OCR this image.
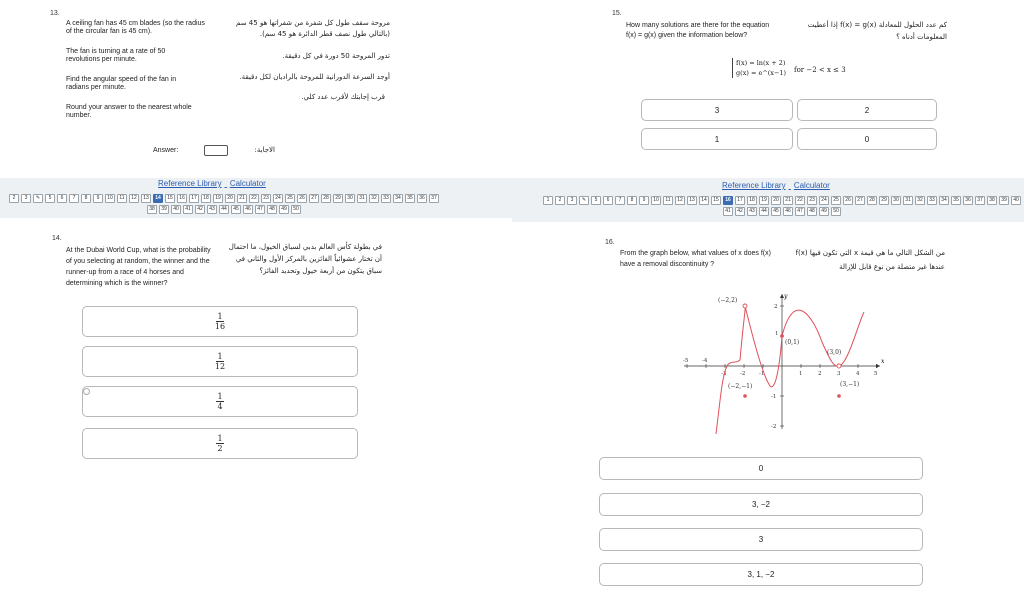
13.
A ceiling fan has 45 cm blades (so the radius of the circular fan is 45 cm).
The fan is turning at a rate of 50 revolutions per minute.
Find the angular speed of the fan in radians per minute.
Round your answer to the nearest whole number.
مروحة سقف طول كل شفرة من شفراتها هو 45 سم
(بالتالي طول نصف قطر الدائرة هو 45 سم).
تدور المروحة 50 دورة في كل دقيقة.
أوجد السرعة الدورانية للمروحة بالراديان لكل دقيقة.
قرب إجابتك لأقرب عدد كلي.
Answer:	الاجابة:
Reference Library Calculator
2	3	✎	5	6	7	8	9	10	11	12	13	14	15	16	17	18	19	20	21	22	23	24	25	26	27	28	29	30	31	32	33	34	35	36	37
38	39	40	41	42	43	44	45	46	47	48	49	50
14.
At the Dubai World Cup, what is the probability of you selecting at random, the winner and the runner-up from a race of 4 horses and determining which is the winner?
في بطولة كأس العالم بدبي لسباق الخيول، ما احتمال
أن تختار عشوائياً الفائزين بالمركز الأول والثاني في
سباق يتكون من أربعة خيول وتحديد الفائز؟
$\frac{1}{16}$
$\frac{1}{12}$
$\frac{1}{4}$
$\frac{1}{2}$
15.
How many solutions are there for the equation f(x) = g(x) given the information below?
كم عدد الحلول للمعادلة f(x) = g(x) إذا أعطيت
المعلومات أدناه ؟
f(x) = ln(x + 2)
g(x) = e^(x−1) for −2 < x ≤ 3
3	2
1	0
Reference Library Calculator
1	2	3	✎	5	6	7	8	9	10	11	12	13	14	15	16	17	18	19	20	21	22	23	24	25	26	27	28	29	30	31	32	33	34	35	36	37	38	39	40
41	42	43	44	45	46	47	48	49	50
16.
From the graph below, what values of x does f(x) have a removal discontinuity ?
من الشكل التالي ما هي قيمة x التي تكون فيها f(x)
عندها غير متصلة من نوع قابل للإزالة
y
x
-5 -4
-3 -2 -1	1	2	3	4	5
2
1
-1
-2
(−2,2)
(−2,−1)
(0,1)
(3,0)
(3,−1)
0
3, −2
3
3, 1, −2
